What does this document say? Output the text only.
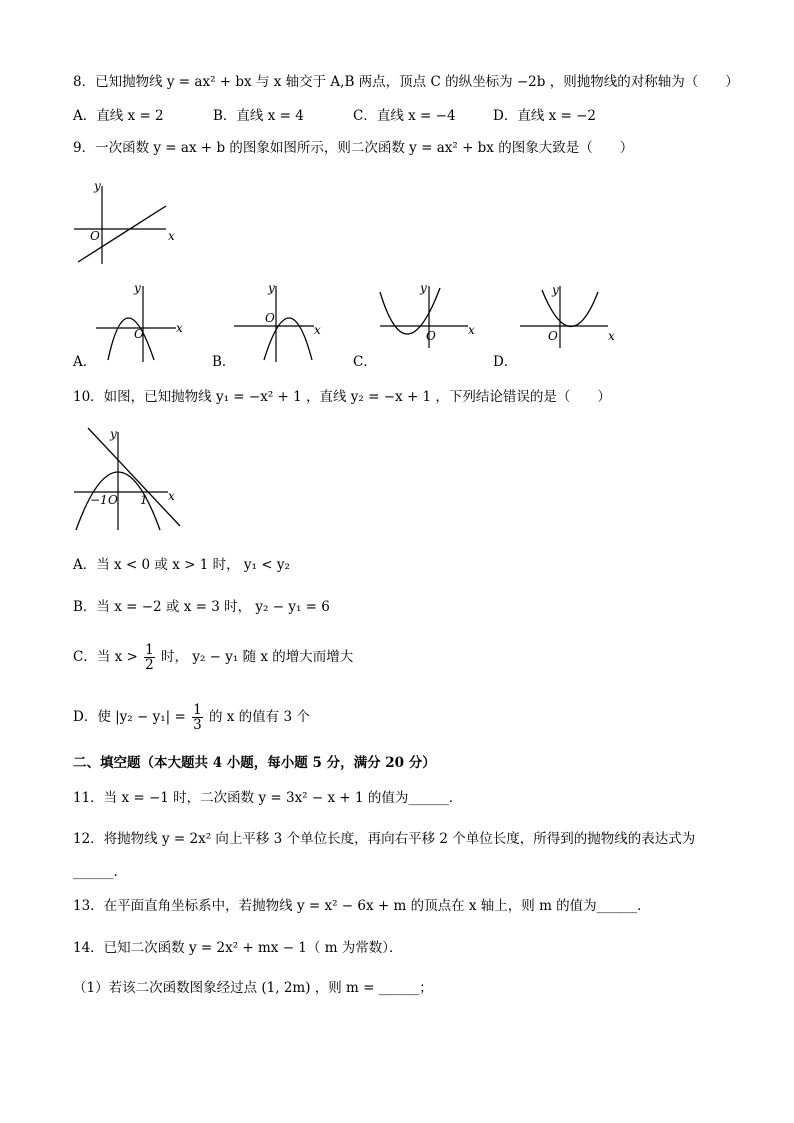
8．已知抛物线 y = ax² + bx 与 x 轴交于 A,B 两点，顶点 C 的纵坐标为 −2b ，则抛物线的对称轴为（　　）
A．直线 x = 2	B．直线 x = 4	C．直线 x = −4	D．直线 x = −2
9．一次函数 y = ax + b 的图象如图所示，则二次函数 y = ax² + bx 的图象大致是（　　）
y
x
O
y
x
O
A．
y
x
O
B．
y
x
O
C．
y
x
O
D．
10．如图，已知抛物线 y₁ = −x² + 1 ，直线 y₂ = −x + 1 ，下列结论错误的是（　　）
y
x
O
−1	1
A．当 x < 0 或 x > 1 时， y₁ < y₂
B．当 x = −2 或 x = 3 时， y₂ − y₁ = 6
C．当 $x > \frac{1}{2}$ 时， y₂ − y₁ 随 x 的增大而增大
D．使 $|y_2 - y_1| = \frac{1}{3}$ 的 x 的值有 3 个
二、填空题（本大题共 4 小题，每小题 5 分，满分 20 分）
11．当 x = −1 时，二次函数 y = 3x² − x + 1 的值为______．
12．将抛物线 y = 2x² 向上平移 3 个单位长度，再向右平移 2 个单位长度，所得到的抛物线的表达式为
______．
13．在平面直角坐标系中，若抛物线 y = x² − 6x + m 的顶点在 x 轴上，则 m 的值为______．
14．已知二次函数 y = 2x² + mx − 1（ m 为常数）．
（1）若该二次函数图象经过点 (1, 2m) ，则 m = ______；
